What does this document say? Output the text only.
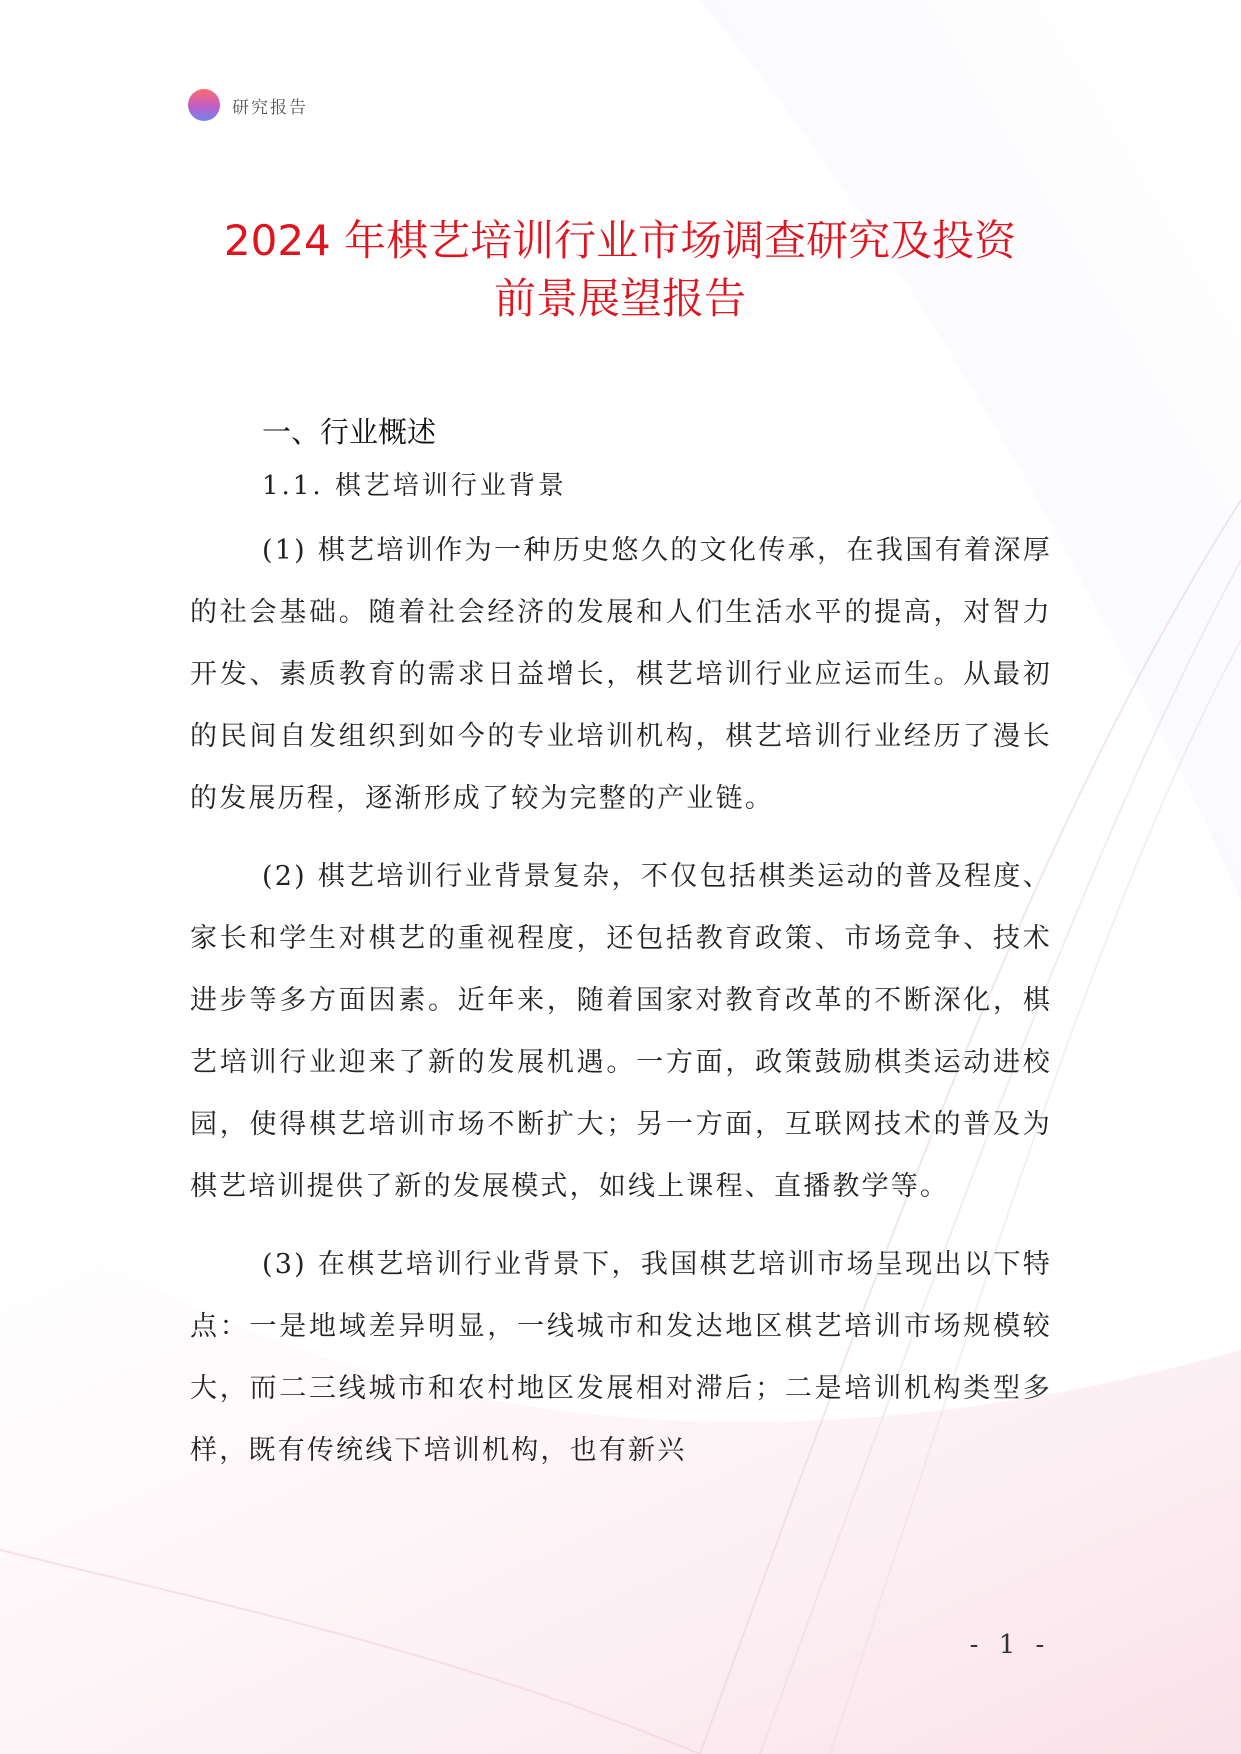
研究报告
2024 年棋艺培训行业市场调查研究及投资
前景展望报告
一、行业概述
1.1. 棋艺培训行业背景

(1) 棋艺培训作为一种历史悠久的文化传承，在我国有着深厚的社会基础。随着社会经济的发展和人们生活水平的提高，对智力开发、素质教育的需求日益增长，棋艺培训行业应运而生。从最初的民间自发组织到如今的专业培训机构，棋艺培训行业经历了漫长的发展历程，逐渐形成了较为完整的产业链。

(2) 棋艺培训行业背景复杂，不仅包括棋类运动的普及程度、家长和学生对棋艺的重视程度，还包括教育政策、市场竞争、技术进步等多方面因素。近年来，随着国家对教育改革的不断深化，棋艺培训行业迎来了新的发展机遇。一方面，政策鼓励棋类运动进校园，使得棋艺培训市场不断扩大；另一方面，互联网技术的普及为棋艺培训提供了新的发展模式，如线上课程、直播教学等。

(3) 在棋艺培训行业背景下，我国棋艺培训市场呈现出以下特点：一是地域差异明显，一线城市和发达地区棋艺培训市场规模较大，而二三线城市和农村地区发展相对滞后；二是培训机构类型多样，既有传统线下培训机构，也有新兴

- 1 -
